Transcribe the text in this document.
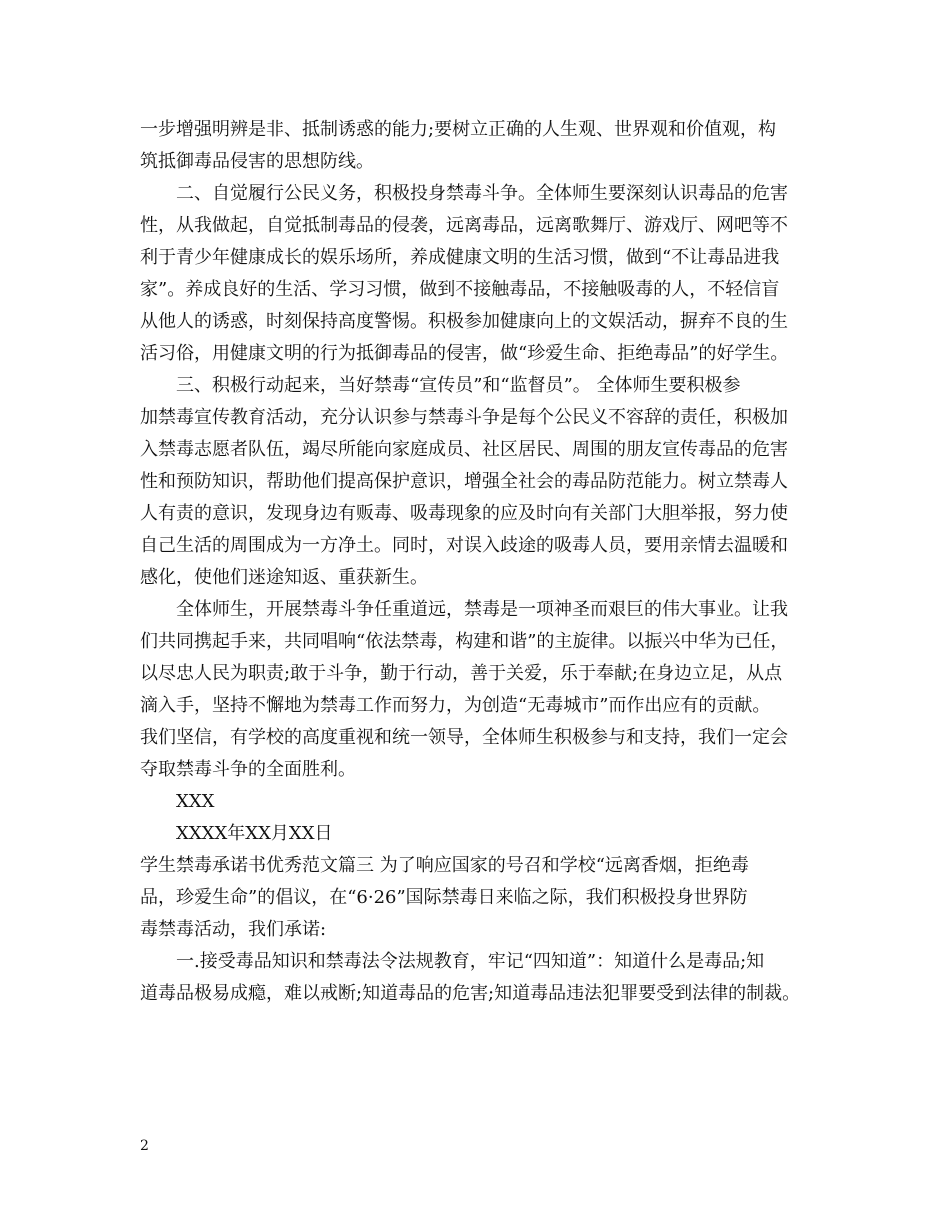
一步增强明辨是非、抵制诱惑的能力;要树立正确的人生观、世界观和价值观，构
筑抵御毒品侵害的思想防线。
二、自觉履行公民义务，积极投身禁毒斗争。全体师生要深刻认识毒品的危害
性，从我做起，自觉抵制毒品的侵袭，远离毒品，远离歌舞厅、游戏厅、网吧等不
利于青少年健康成长的娱乐场所，养成健康文明的生活习惯，做到“不让毒品进我
家”。养成良好的生活、学习习惯，做到不接触毒品，不接触吸毒的人，不轻信盲
从他人的诱惑，时刻保持高度警惕。积极参加健康向上的文娱活动，摒弃不良的生
活习俗，用健康文明的行为抵御毒品的侵害，做“珍爱生命、拒绝毒品”的好学生。
三、积极行动起来，当好禁毒“宣传员”和“监督员”。 全体师生要积极参
加禁毒宣传教育活动，充分认识参与禁毒斗争是每个公民义不容辞的责任，积极加
入禁毒志愿者队伍，竭尽所能向家庭成员、社区居民、周围的朋友宣传毒品的危害
性和预防知识，帮助他们提高保护意识，增强全社会的毒品防范能力。树立禁毒人
人有责的意识，发现身边有贩毒、吸毒现象的应及时向有关部门大胆举报，努力使
自己生活的周围成为一方净土。同时，对误入歧途的吸毒人员，要用亲情去温暖和
感化，使他们迷途知返、重获新生。
全体师生，开展禁毒斗争任重道远，禁毒是一项神圣而艰巨的伟大事业。让我
们共同携起手来，共同唱响“依法禁毒，构建和谐”的主旋律。以振兴中华为已任，
以尽忠人民为职责;敢于斗争，勤于行动，善于关爱，乐于奉献;在身边立足，从点
滴入手，坚持不懈地为禁毒工作而努力，为创造“无毒城市”而作出应有的贡献。
我们坚信，有学校的高度重视和统一领导，全体师生积极参与和支持，我们一定会
夺取禁毒斗争的全面胜利。
XXX
XXXX年XX月XX日
学生禁毒承诺书优秀范文篇三 为了响应国家的号召和学校“远离香烟，拒绝毒
品，珍爱生命”的倡议，在“6·26”国际禁毒日来临之际，我们积极投身世界防
毒禁毒活动，我们承诺:
一.接受毒品知识和禁毒法令法规教育，牢记“四知道”：知道什么是毒品;知
道毒品极易成瘾，难以戒断;知道毒品的危害;知道毒品违法犯罪要受到法律的制裁。
2
